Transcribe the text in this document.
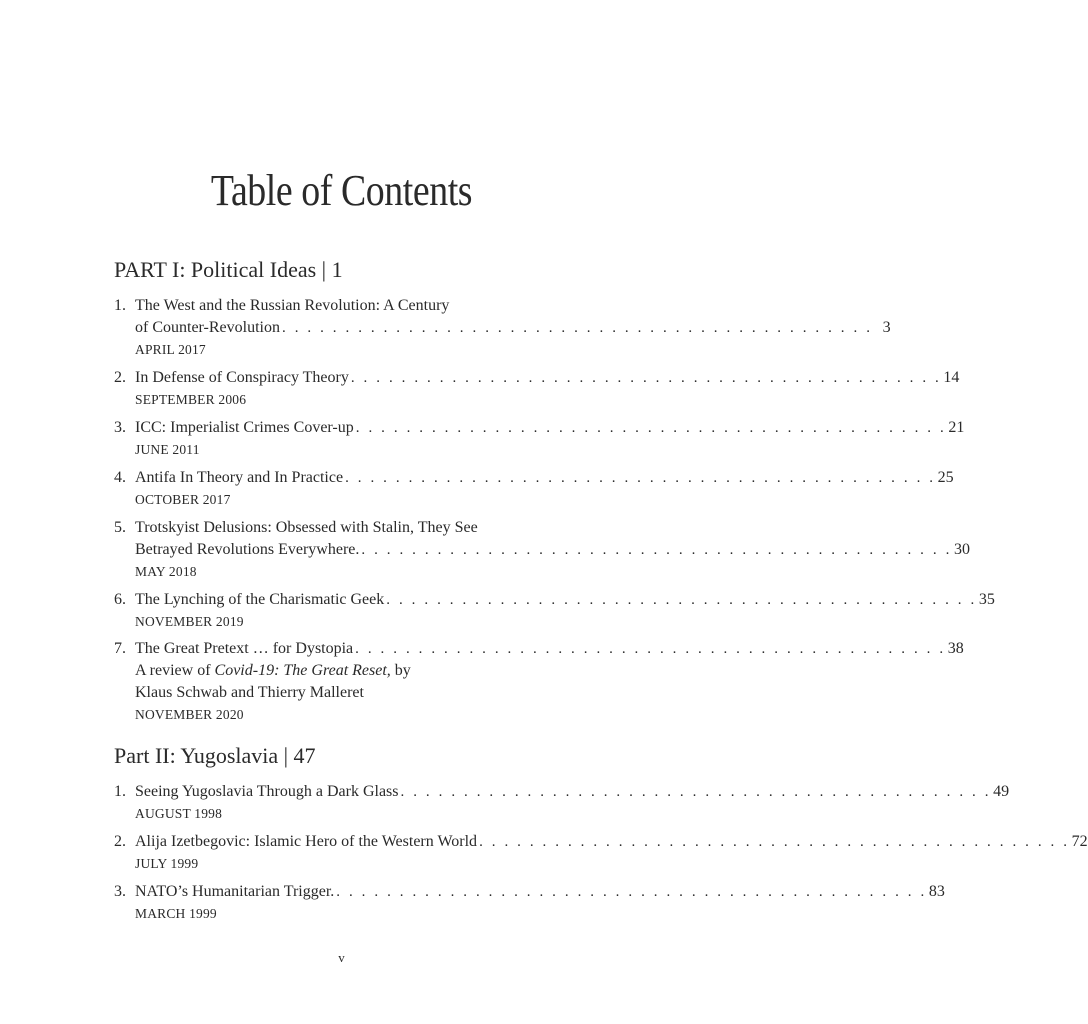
Table of Contents
PART I: Political Ideas | 1
1. The West and the Russian Revolution: A Century
of Counter-Revolution . . . . . . . . . . . . . . . . . . . . . . . . . . . . . . . . . . . . . . . . . . . . . . . 3
APRIL 2017
2. In Defense of Conspiracy Theory . . . . . . . . . . . . . . . . . . . . . . . . . . . . . . . . . . . . . . . . . . . . . . . 14
SEPTEMBER 2006
3. ICC: Imperialist Crimes Cover-up . . . . . . . . . . . . . . . . . . . . . . . . . . . . . . . . . . . . . . . . . . . . . . . 21
JUNE 2011
4. Antifa In Theory and In Practice . . . . . . . . . . . . . . . . . . . . . . . . . . . . . . . . . . . . . . . . . . . . . . . 25
OCTOBER 2017
5. Trotskyist Delusions: Obsessed with Stalin, They See
Betrayed Revolutions Everywhere. . . . . . . . . . . . . . . . . . . . . . . . . . . . . . . . . . . . . . . . . . . . . . . . 30
MAY 2018
6. The Lynching of the Charismatic Geek . . . . . . . . . . . . . . . . . . . . . . . . . . . . . . . . . . . . . . . . . . . . . . . 35
NOVEMBER 2019
7. The Great Pretext … for Dystopia . . . . . . . . . . . . . . . . . . . . . . . . . . . . . . . . . . . . . . . . . . . . . . . 38
A review of Covid-19: The Great Reset, by
Klaus Schwab and Thierry Malleret
NOVEMBER 2020
Part II: Yugoslavia | 47
1. Seeing Yugoslavia Through a Dark Glass . . . . . . . . . . . . . . . . . . . . . . . . . . . . . . . . . . . . . . . . . . . . . . . 49
AUGUST 1998
2. Alija Izetbegovic: Islamic Hero of the Western World . . . . . . . . . . . . . . . . . . . . . . . . . . . . . . . . . . . . . . . . . . . . . . . 72
JULY 1999
3. NATO’s Humanitarian Trigger. . . . . . . . . . . . . . . . . . . . . . . . . . . . . . . . . . . . . . . . . . . . . . . . 83
MARCH 1999
v
